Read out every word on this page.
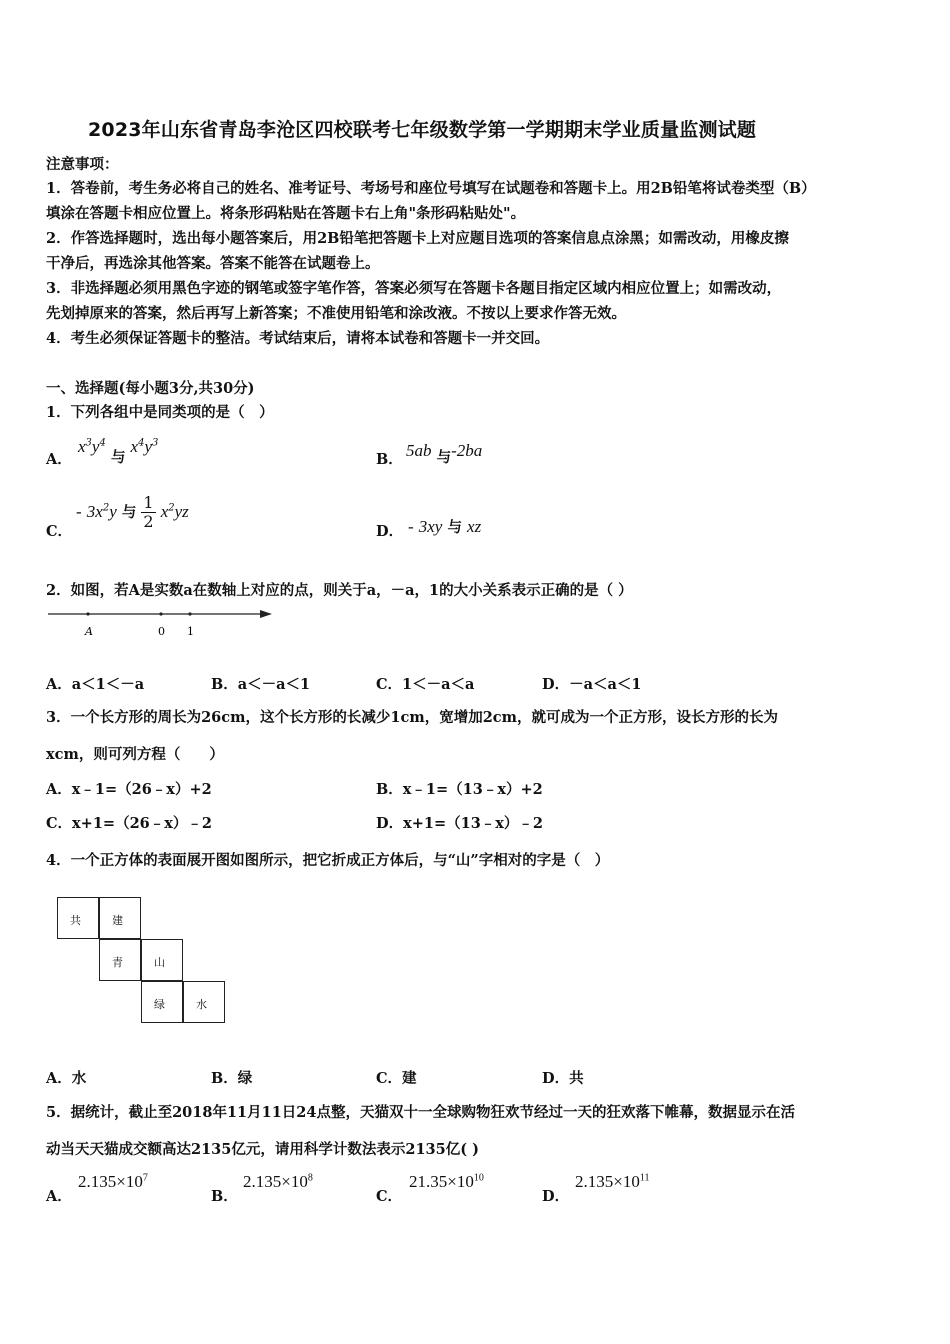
2023年山东省青岛李沧区四校联考七年级数学第一学期期末学业质量监测试题
注意事项：
1．答卷前，考生务必将自己的姓名、准考证号、考场号和座位号填写在试题卷和答题卡上。用2B铅笔将试卷类型（B）
填涂在答题卡相应位置上。将条形码粘贴在答题卡右上角"条形码粘贴处"。
2．作答选择题时，选出每小题答案后，用2B铅笔把答题卡上对应题目选项的答案信息点涂黑；如需改动，用橡皮擦
干净后，再选涂其他答案。答案不能答在试题卷上。
3．非选择题必须用黑色字迹的钢笔或签字笔作答，答案必须写在答题卡各题目指定区域内相应位置上；如需改动，
先划掉原来的答案，然后再写上新答案；不准使用铅笔和涂改液。不按以上要求作答无效。
4．考生必须保证答题卡的整洁。考试结束后，请将本试卷和答题卡一并交回。
一、选择题(每小题3分,共30分)
1．下列各组中是同类项的是（　）
A．
$x^3y^4$ 与 $x^4y^3$
B． 5ab 与-2ba
C．
- $3x^2y$ 与 $\frac{1}{2} x^2yz$
D． - 3xy 与 xz
2．如图，若A是实数a在数轴上对应的点，则关于a，－a，1的大小关系表示正确的是（ ）
A	0 1
A．a＜1＜－a	B．a＜－a＜1	C．1＜－a＜a	D．－a＜a＜1
3．一个长方形的周长为26cm，这个长方形的长减少1cm，宽增加2cm，就可成为一个正方形，设长方形的长为
xcm，则可列方程（　　）
A．x﹣1=（26﹣x）+2	B．x﹣1=（13﹣x）+2
C．x+1=（26﹣x）﹣2	D．x+1=（13﹣x）﹣2
4．一个正方体的表面展开图如图所示，把它折成正方体后，与“山”字相对的字是（　）
共	建
青	山
绿	水
A．水	B．绿	C．建	D．共
5．据统计，截止至2018年11月11日24点整，天猫双十一全球购物狂欢节经过一天的狂欢落下帷幕，数据显示在活
动当天天猫成交额高达2135亿元，请用科学计数法表示2135亿( )
A．
$2.135\times 10^7$
B．
$2.135\times 10^8$
C．
$21.35\times 10^{10}$
D．
$2.135\times 10^{11}$
